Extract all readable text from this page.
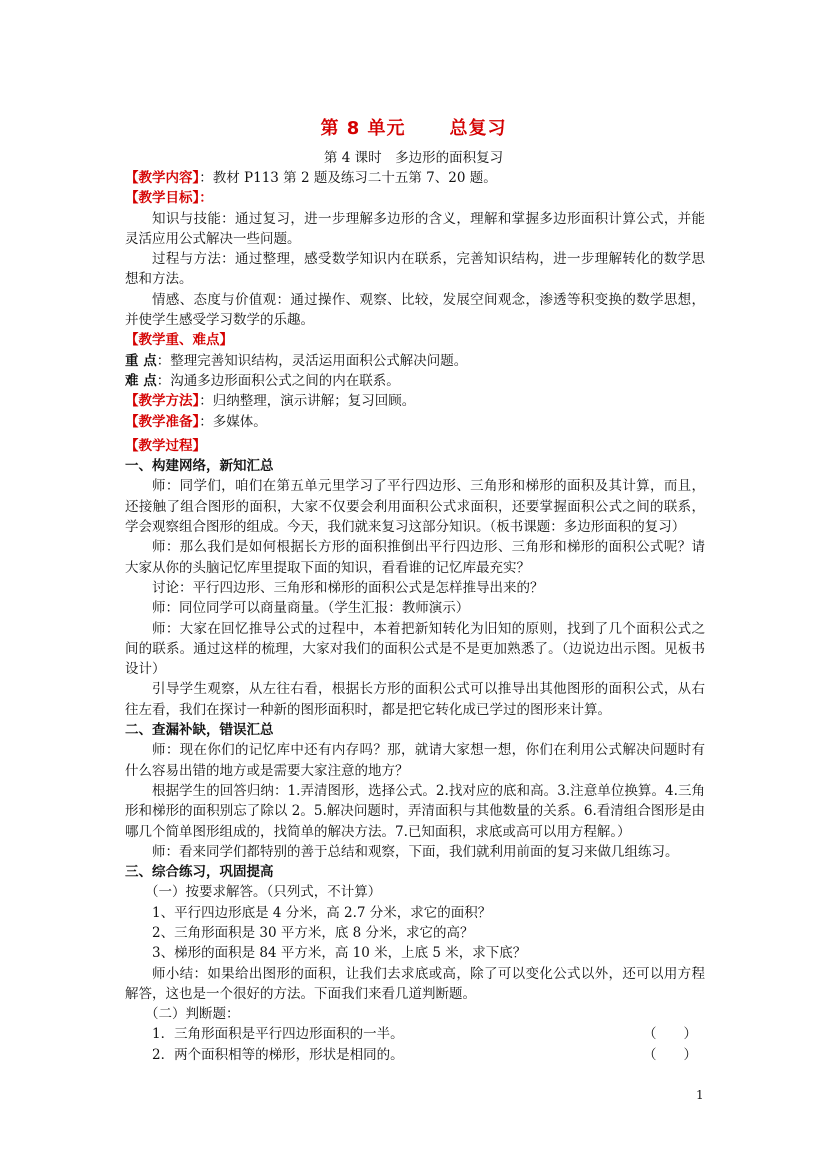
第 8 单元 总复习
第 4 课时　多边形的面积复习
【教学内容】：教材 P113 第 2 题及练习二十五第 7、20 题。
【教学目标】：
知识与技能：通过复习，进一步理解多边形的含义，理解和掌握多边形面积计算公式，并能灵活应用公式解决一些问题。
过程与方法：通过整理，感受数学知识内在联系，完善知识结构，进一步理解转化的数学思想和方法。
情感、态度与价值观：通过操作、观察、比较，发展空间观念，渗透等积变换的数学思想，并使学生感受学习数学的乐趣。
【教学重、难点】
重 点：整理完善知识结构，灵活运用面积公式解决问题。
难 点：沟通多边形面积公式之间的内在联系。
【教学方法】：归纳整理，演示讲解；复习回顾。
【教学准备】：多媒体。
【教学过程】
一、构建网络，新知汇总
师：同学们，咱们在第五单元里学习了平行四边形、三角形和梯形的面积及其计算，而且，还接触了组合图形的面积，大家不仅要会利用面积公式求面积，还要掌握面积公式之间的联系，学会观察组合图形的组成。今天，我们就来复习这部分知识。（板书课题：多边形面积的复习）
师：那么我们是如何根据长方形的面积推倒出平行四边形、三角形和梯形的面积公式呢？请大家从你的头脑记忆库里提取下面的知识，看看谁的记忆库最充实？
讨论：平行四边形、三角形和梯形的面积公式是怎样推导出来的？
师：同位同学可以商量商量。（学生汇报：教师演示）
师：大家在回忆推导公式的过程中，本着把新知转化为旧知的原则，找到了几个面积公式之间的联系。通过这样的梳理，大家对我们的面积公式是不是更加熟悉了。（边说边出示图。见板书设计）
引导学生观察，从左往右看，根据长方形的面积公式可以推导出其他图形的面积公式，从右往左看，我们在探讨一种新的图形面积时，都是把它转化成已学过的图形来计算。
二、查漏补缺，错误汇总
师：现在你们的记忆库中还有内存吗？那，就请大家想一想，你们在利用公式解决问题时有什么容易出错的地方或是需要大家注意的地方？
根据学生的回答归纳：1.弄清图形，选择公式。2.找对应的底和高。3.注意单位换算。4.三角形和梯形的面积别忘了除以 2。5.解决问题时，弄清面积与其他数量的关系。6.看清组合图形是由哪几个简单图形组成的，找简单的解决方法。7.已知面积，求底或高可以用方程解。）
师：看来同学们都特别的善于总结和观察，下面，我们就利用前面的复习来做几组练习。
三、综合练习，巩固提高
（一）按要求解答。（只列式，不计算）
1、平行四边形底是 4 分米，高 2.7 分米，求它的面积？
2、三角形面积是 30 平方米，底 8 分米，求它的高？
3、梯形的面积是 84 平方米，高 10 米，上底 5 米，求下底？
师小结：如果给出图形的面积，让我们去求底或高，除了可以变化公式以外，还可以用方程解答，这也是一个很好的方法。下面我们来看几道判断题。
（二）判断题：
1．三角形面积是平行四边形面积的一半。	（　　）
2．两个面积相等的梯形，形状是相同的。	（　　）
1
